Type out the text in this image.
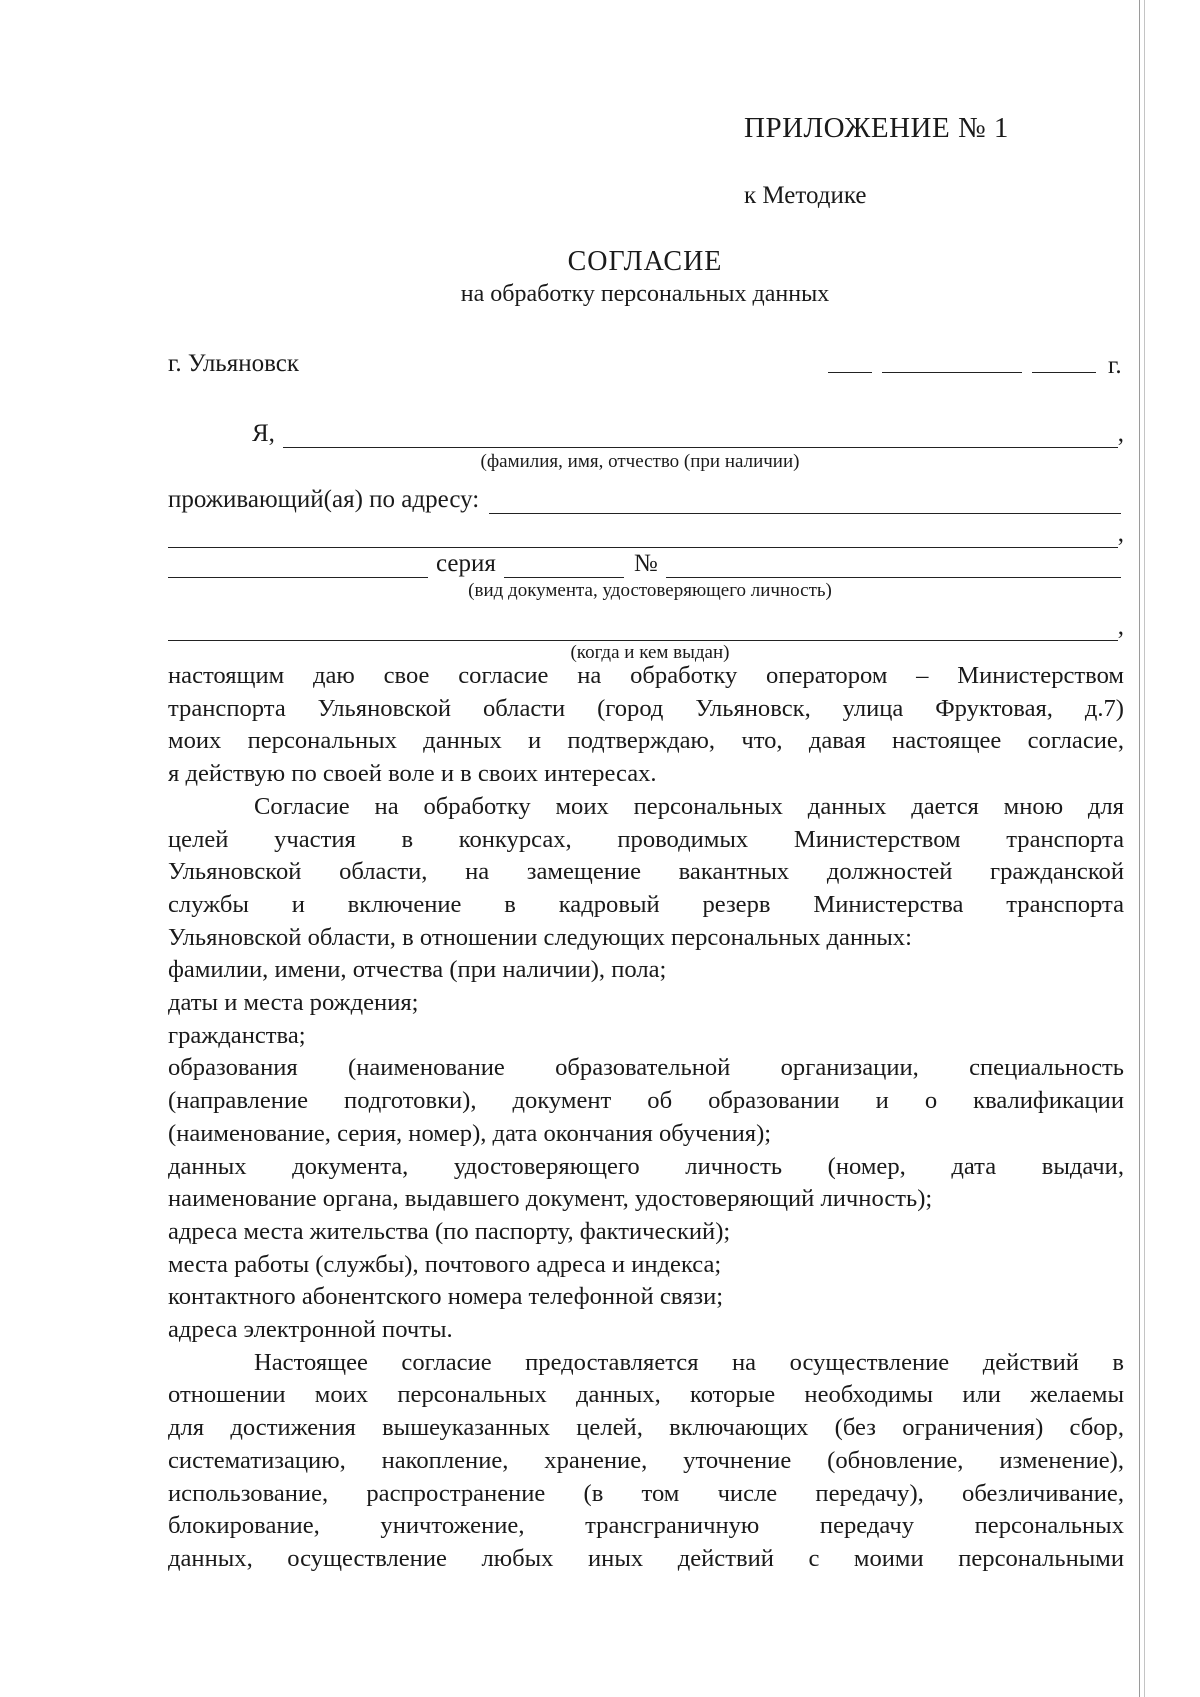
ПРИЛОЖЕНИЕ № 1
к Методике
СОГЛАСИЕ
на обработку персональных данных
г. Ульяновск	г.
Я,	,
(фамилия, имя, отчество (при наличии)
проживающий(ая) по адресу:
,
серия	№
(вид документа, удостоверяющего личность)
,
(когда и кем выдан)

настоящим даю свое согласие на обработку оператором – Министерством

транспорта Ульяновской области (город Ульяновск, улица Фруктовая, д.7)

моих персональных данных и подтверждаю, что, давая настоящее согласие,

я действую по своей воле и в своих интересах.

Согласие на обработку моих персональных данных дается мною для

целей участия в конкурсах, проводимых Министерством транспорта

Ульяновской области, на замещение вакантных должностей гражданской

службы и включение в кадровый резерв Министерства транспорта

Ульяновской области, в отношении следующих персональных данных:

фамилии, имени, отчества (при наличии), пола;

даты и места рождения;

гражданства;

образования (наименование образовательной организации, специальность

(направление подготовки), документ об образовании и о квалификации

(наименование, серия, номер), дата окончания обучения);

данных документа, удостоверяющего личность (номер, дата выдачи,

наименование органа, выдавшего документ, удостоверяющий личность);

адреса места жительства (по паспорту, фактический);

места работы (службы), почтового адреса и индекса;

контактного абонентского номера телефонной связи;

адреса электронной почты.

Настоящее согласие предоставляется на осуществление действий в

отношении моих персональных данных, которые необходимы или желаемы

для достижения вышеуказанных целей, включающих (без ограничения) сбор,

систематизацию, накопление, хранение, уточнение (обновление, изменение),

использование, распространение (в том числе передачу), обезличивание,

блокирование, уничтожение, трансграничную передачу персональных

данных, осуществление любых иных действий с моими персональными
